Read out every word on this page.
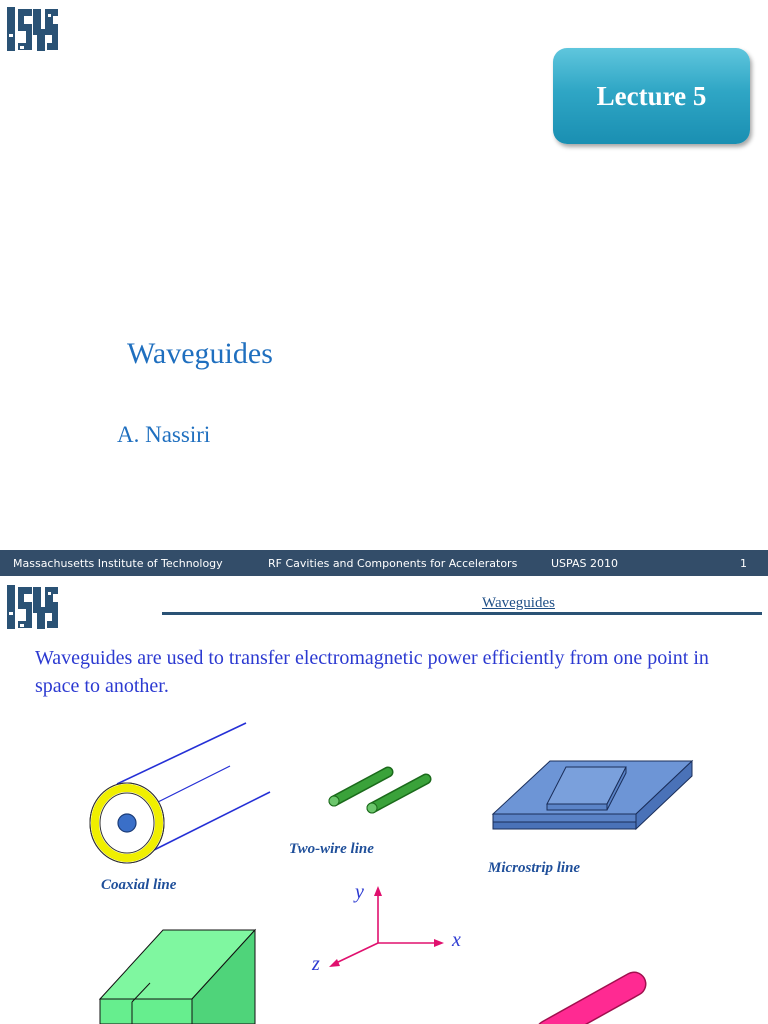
Lecture 5
Waveguides
A. Nassiri
Massachusetts Institute of Technology	RF Cavities and Components for Accelerators	USPAS 2010	1
Waveguides
Waveguides are used to transfer electromagnetic power efficiently from one point in space to another.
Coaxial line
Two-wire line
Microstrip line
y
x
z
